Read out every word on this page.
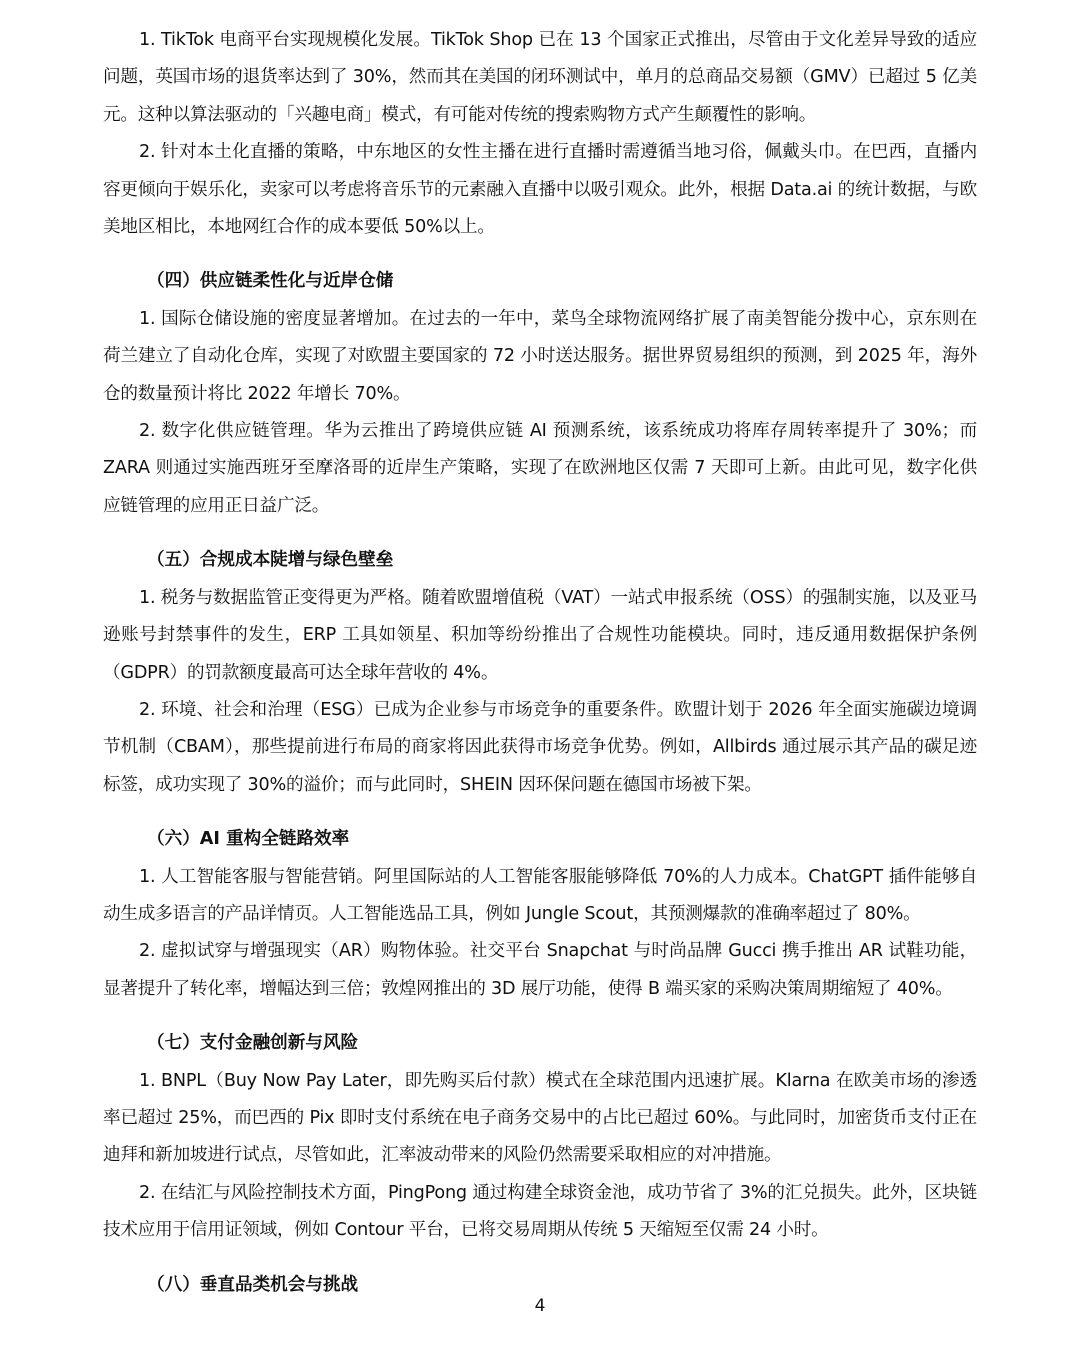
1. TikTok 电商平台实现规模化发展。TikTok Shop 已在 13 个国家正式推出，尽管由于文化差异导致的适应问题，英国市场的退货率达到了 30%，然而其在美国的闭环测试中，单月的总商品交易额（GMV）已超过 5 亿美元。这种以算法驱动的「兴趣电商」模式，有可能对传统的搜索购物方式产生颠覆性的影响。

2. 针对本土化直播的策略，中东地区的女性主播在进行直播时需遵循当地习俗，佩戴头巾。在巴西，直播内容更倾向于娱乐化，卖家可以考虑将音乐节的元素融入直播中以吸引观众。此外，根据 Data.ai 的统计数据，与欧美地区相比，本地网红合作的成本要低 50%以上。

（四）供应链柔性化与近岸仓储

1. 国际仓储设施的密度显著增加。在过去的一年中，菜鸟全球物流网络扩展了南美智能分拨中心，京东则在荷兰建立了自动化仓库，实现了对欧盟主要国家的 72 小时送达服务。据世界贸易组织的预测，到 2025 年，海外仓的数量预计将比 2022 年增长 70%。

2. 数字化供应链管理。华为云推出了跨境供应链 AI 预测系统，该系统成功将库存周转率提升了 30%；而 ZARA 则通过实施西班牙至摩洛哥的近岸生产策略，实现了在欧洲地区仅需 7 天即可上新。由此可见，数字化供应链管理的应用正日益广泛。

（五）合规成本陡增与绿色壁垒

1. 税务与数据监管正变得更为严格。随着欧盟增值税（VAT）一站式申报系统（OSS）的强制实施，以及亚马逊账号封禁事件的发生，ERP 工具如领星、积加等纷纷推出了合规性功能模块。同时，违反通用数据保护条例（GDPR）的罚款额度最高可达全球年营收的 4%。

2. 环境、社会和治理（ESG）已成为企业参与市场竞争的重要条件。欧盟计划于 2026 年全面实施碳边境调节机制（CBAM），那些提前进行布局的商家将因此获得市场竞争优势。例如，Allbirds 通过展示其产品的碳足迹标签，成功实现了 30%的溢价；而与此同时，SHEIN 因环保问题在德国市场被下架。

（六）AI 重构全链路效率

1. 人工智能客服与智能营销。阿里国际站的人工智能客服能够降低 70%的人力成本。ChatGPT 插件能够自动生成多语言的产品详情页。人工智能选品工具，例如 Jungle Scout，其预测爆款的准确率超过了 80%。

2. 虚拟试穿与增强现实（AR）购物体验。社交平台 Snapchat 与时尚品牌 Gucci 携手推出 AR 试鞋功能，显著提升了转化率，增幅达到三倍；敦煌网推出的 3D 展厅功能，使得 B 端买家的采购决策周期缩短了 40%。

（七）支付金融创新与风险

1. BNPL（Buy Now Pay Later，即先购买后付款）模式在全球范围内迅速扩展。Klarna 在欧美市场的渗透率已超过 25%，而巴西的 Pix 即时支付系统在电子商务交易中的占比已超过 60%。与此同时，加密货币支付正在迪拜和新加坡进行试点，尽管如此，汇率波动带来的风险仍然需要采取相应的对冲措施。

2. 在结汇与风险控制技术方面，PingPong 通过构建全球资金池，成功节省了 3%的汇兑损失。此外，区块链技术应用于信用证领域，例如 Contour 平台，已将交易周期从传统 5 天缩短至仅需 24 小时。

（八）垂直品类机会与挑战
4
